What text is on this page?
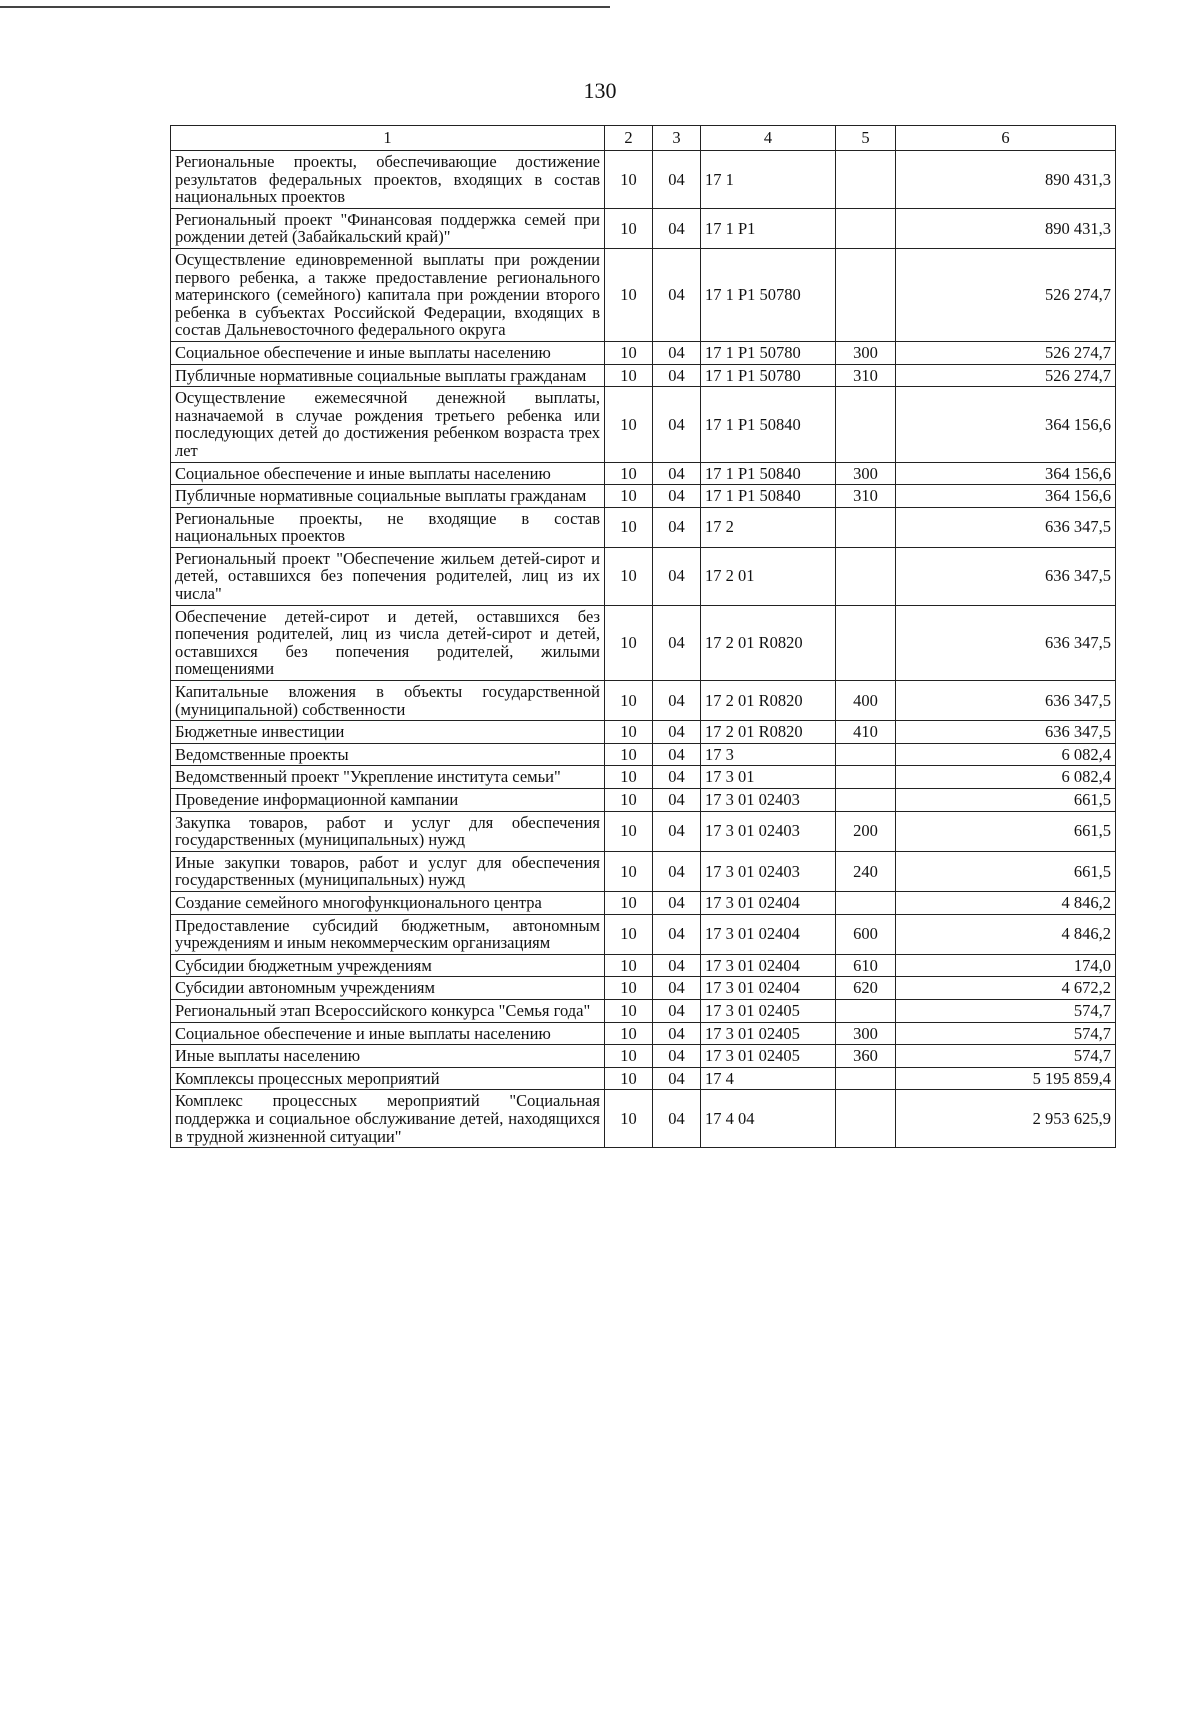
130
1	2	3	4	5	6
Региональные проекты, обеспечивающие достижение результатов федеральных проектов, входящих в состав национальных проектов	10	04	17 1		890 431,3
Региональный проект "Финансовая поддержка семей при рождении детей (Забайкальский край)"	10	04	17 1 Р1		890 431,3
Осуществление единовременной выплаты при рождении первого ребенка, а также предоставление регионального материнского (семейного) капитала при рождении второго ребенка в субъектах Российской Федерации, входящих в состав Дальневосточного федерального округа	10	04	17 1 Р1 50780		526 274,7
Социальное обеспечение и иные выплаты населению	10	04	17 1 Р1 50780	300	526 274,7
Публичные нормативные социальные выплаты гражданам	10	04	17 1 Р1 50780	310	526 274,7
Осуществление ежемесячной денежной выплаты, назначаемой в случае рождения третьего ребенка или последующих детей до достижения ребенком возраста трех лет	10	04	17 1 Р1 50840		364 156,6
Социальное обеспечение и иные выплаты населению	10	04	17 1 Р1 50840	300	364 156,6
Публичные нормативные социальные выплаты гражданам	10	04	17 1 Р1 50840	310	364 156,6
Региональные проекты, не входящие в состав национальных проектов	10	04	17 2		636 347,5
Региональный проект "Обеспечение жильем детей-сирот и детей, оставшихся без попечения родителей, лиц из их числа"	10	04	17 2 01		636 347,5
Обеспечение детей-сирот и детей, оставшихся без попечения родителей, лиц из числа детей-сирот и детей, оставшихся без попечения родителей, жилыми помещениями	10	04	17 2 01 R0820		636 347,5
Капитальные вложения в объекты государственной (муниципальной) собственности	10	04	17 2 01 R0820	400	636 347,5
Бюджетные инвестиции	10	04	17 2 01 R0820	410	636 347,5
Ведомственные проекты	10	04	17 3		6 082,4
Ведомственный проект "Укрепление института семьи"	10	04	17 3 01		6 082,4
Проведение информационной кампании	10	04	17 3 01 02403		661,5
Закупка товаров, работ и услуг для обеспечения государственных (муниципальных) нужд	10	04	17 3 01 02403	200	661,5
Иные закупки товаров, работ и услуг для обеспечения государственных (муниципальных) нужд	10	04	17 3 01 02403	240	661,5
Создание семейного многофункционального центра	10	04	17 3 01 02404		4 846,2
Предоставление субсидий бюджетным, автономным учреждениям и иным некоммерческим организациям	10	04	17 3 01 02404	600	4 846,2
Субсидии бюджетным учреждениям	10	04	17 3 01 02404	610	174,0
Субсидии автономным учреждениям	10	04	17 3 01 02404	620	4 672,2
Региональный этап Всероссийского конкурса "Семья года"	10	04	17 3 01 02405		574,7
Социальное обеспечение и иные выплаты населению	10	04	17 3 01 02405	300	574,7
Иные выплаты населению	10	04	17 3 01 02405	360	574,7
Комплексы процессных мероприятий	10	04	17 4		5 195 859,4
Комплекс процессных мероприятий "Социальная поддержка и социальное обслуживание детей, находящихся в трудной жизненной ситуации"	10	04	17 4 04		2 953 625,9
